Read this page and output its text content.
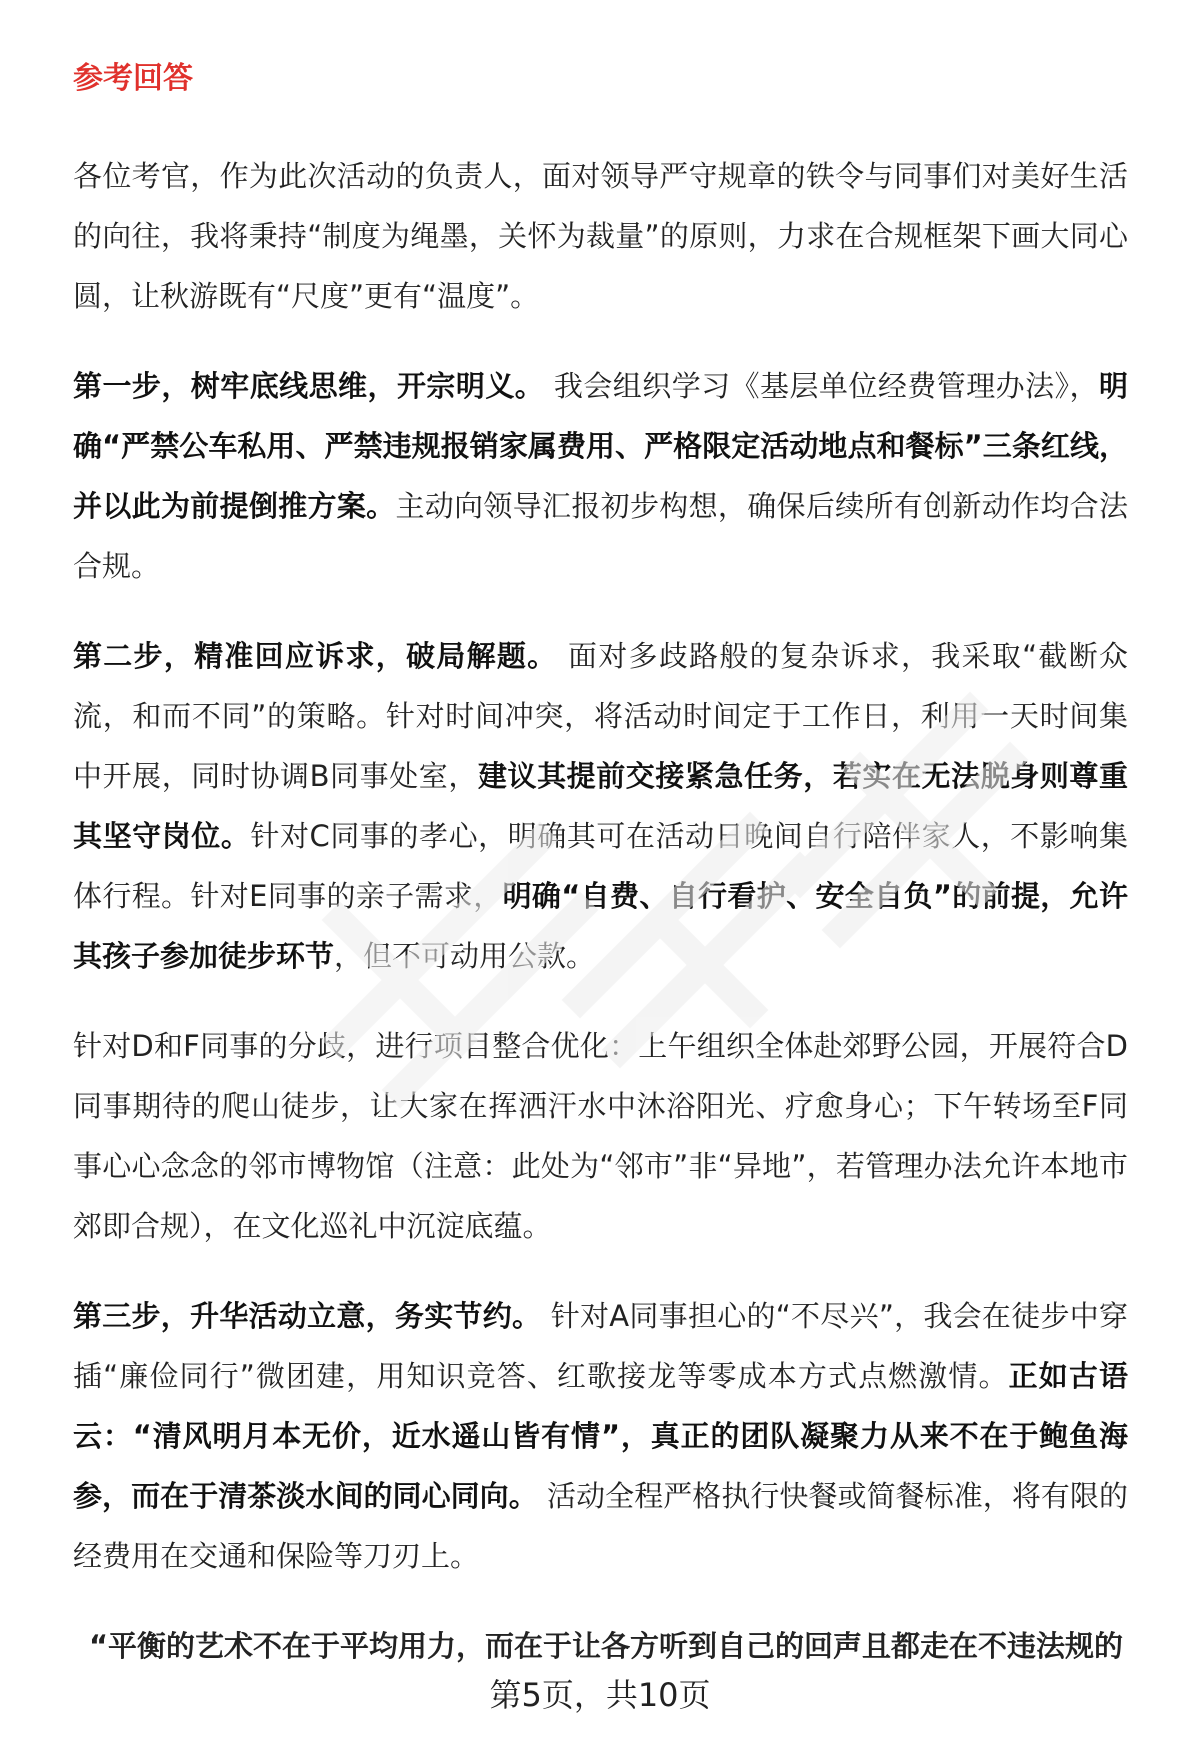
参考回答

各位考官，作为此次活动的负责人，面对领导严守规章的铁令与同事们对美好生活的向往，我将秉持“制度为绳墨，关怀为裁量”的原则，力求在合规框架下画大同心圆，让秋游既有“尺度”更有“温度”。

第一步，树牢底线思维，开宗明义。 我会组织学习《基层单位经费管理办法》，明确“严禁公车私用、严禁违规报销家属费用、严格限定活动地点和餐标”三条红线，并以此为前提倒推方案。主动向领导汇报初步构想，确保后续所有创新动作均合法合规。

第二步，精准回应诉求，破局解题。 面对多歧路般的复杂诉求，我采取“截断众流，和而不同”的策略。针对时间冲突，将活动时间定于工作日，利用一天时间集中开展，同时协调B同事处室，建议其提前交接紧急任务，若实在无法脱身则尊重其坚守岗位。针对C同事的孝心，明确其可在活动日晚间自行陪伴家人，不影响集体行程。针对E同事的亲子需求，明确“自费、自行看护、安全自负”的前提，允许其孩子参加徒步环节，但不可动用公款。

针对D和F同事的分歧，进行项目整合优化：上午组织全体赴郊野公园，开展符合D同事期待的爬山徒步，让大家在挥洒汗水中沐浴阳光、疗愈身心；下午转场至F同事心心念念的邻市博物馆（注意：此处为“邻市”非“异地”，若管理办法允许本地市郊即合规），在文化巡礼中沉淀底蕴。

第三步，升华活动立意，务实节约。 针对A同事担心的“不尽兴”，我会在徒步中穿插“廉俭同行”微团建，用知识竞答、红歌接龙等零成本方式点燃激情。正如古语云：“清风明月本无价，近水遥山皆有情”，真正的团队凝聚力从来不在于鲍鱼海参，而在于清茶淡水间的同心同向。 活动全程严格执行快餐或简餐标准，将有限的经费用在交通和保险等刀刃上。

“平衡的艺术不在于平均用力，而在于让各方听到自己的回声且都走在不违法规的

第5页，共10页
